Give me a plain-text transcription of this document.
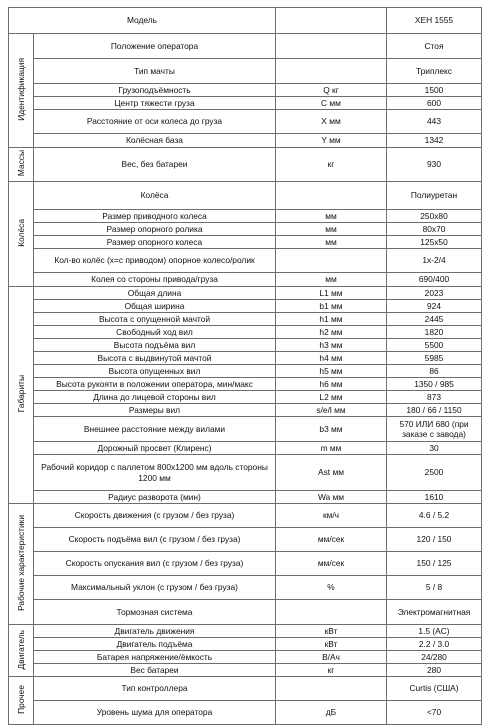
Модель			XEH 1555
Идентификация	Положение оператора		Стоя
	Тип мачты		Триплекс
	Грузоподъёмность	Q кг	1500
	Центр тяжести груза	C мм	600
	Расстояние от оси колеса до груза	X мм	443
	Колёсная база	Y мм	1342
Массы	Вес, без батареи	кг	930
Колёса	Колёса		Полиуретан
	Размер приводного колеса	мм	250x80
	Размер опорного ролика	мм	80x70
	Размер опорного колеса	мм	125x50
	Кол-во колёс (x=с приводом) опорное колесо/ролик		1x-2/4
	Колея со стороны привода/груза	мм	690/400
Габариты	Общая длина	L1 мм	2023
	Общая ширина	b1 мм	924
	Высота с опущенной мачтой	h1 мм	2445
	Свободный ход вил	h2 мм	1820
	Высота подъёма вил	h3 мм	5500
	Высота с выдвинутой мачтой	h4 мм	5985
	Высота опущенных вил	h5 мм	86
	Высота рукояти в положении оператора, мин/макс	h6 мм	1350 / 985
	Длина до лицевой стороны вил	L2 мм	873
	Размеры вил	s/e/l мм	180 / 66 / 1150
	Внешнее расстояние между вилами	b3 мм	570 ИЛИ 680 (при заказе с завода)
	Дорожный просвет (Клиренс)	m мм	30
	Рабочий коридор с паллетом 800x1200 мм вдоль стороны 1200 мм	Ast мм	2500
	Радиус разворота (мин)	Wa мм	1610
Рабочие характеристики	Скорость движения (с грузом / без груза)	км/ч	4.6 / 5.2
	Скорость подъёма вил (с грузом / без груза)	мм/сек	120 / 150
	Скорость опускания вил (с грузом / без груза)	мм/сек	150 / 125
	Максимальный уклон (с грузом / без груза)	%	5 / 8
	Тормозная система		Электромагнитная
Двигатель	Двигатель движения	кВт	1.5 (AC)
	Двигатель подъёма	кВт	2.2 / 3.0
	Батарея напряжение/ёмкость	В/Ач	24/280
	Вес батареи	кг	280
Прочее	Тип контроллера		Curtis (США)
	Уровень шума для оператора	дБ	<70
